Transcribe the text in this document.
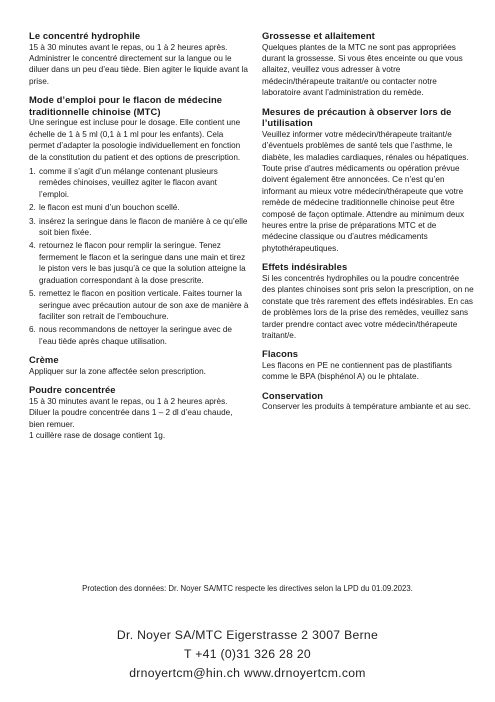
Le concentré hydrophile

15 à 30 minutes avant le repas, ou 1 à 2 heures après. Administrer le concentré directement sur la langue ou le diluer dans un peu d’eau tiède. Bien agiter le liquide avant la prise.

Mode d’emploi pour le flacon de médecine traditionnelle chinoise (MTC)

Une seringue est incluse pour le dosage. Elle contient une échelle de 1 à 5 ml (0,1 à 1 ml pour les enfants). Cela permet d’adapter la posologie individuellement en fonction de la constitution du patient et des options de prescription.

1. comme il s’agit d’un mélange contenant plusieurs remèdes chinoises, veuillez agiter le flacon avant l’emploi.
2. le flacon est muni d’un bouchon scellé.
3. insérez la seringue dans le flacon de manière à ce qu’elle soit bien fixée.
4. retournez le flacon pour remplir la seringue. Tenez fermement le flacon et la seringue dans une main et tirez le piston vers le bas jusqu’à ce que la solution atteigne la graduation correspondant à la dose prescrite.
5. remettez le flacon en position verticale. Faites tourner la seringue avec précaution autour de son axe de manière à faciliter son retrait de l’embouchure.
6. nous recommandons de nettoyer la seringue avec de l’eau tiède après chaque utilisation.
Crème

Appliquer sur la zone affectée selon prescription.

Poudre concentrée

15 à 30 minutes avant le repas, ou 1 à 2 heures après. Diluer la poudre concentrée dans 1 – 2 dl d’eau chaude, bien remuer.

1 cuillère rase de dosage contient 1g.

Grossesse et allaitement

Quelques plantes de la MTC ne sont pas appropriées durant la grossesse. Si vous êtes enceinte ou que vous allaitez, veuillez vous adresser à votre médecin/thérapeute traitant/e ou contacter notre laboratoire avant l’administration du remède.

Mesures de précaution à observer lors de l’utilisation

Veuillez informer votre médecin/thérapeute traitant/e d’éventuels problèmes de santé tels que l’asthme, le diabète, les maladies cardiaques, rénales ou hépatiques. Toute prise d’autres médicaments ou opération prévue doivent également être annoncées. Ce n’est qu’en informant au mieux votre médecin/thérapeute que votre remède de médecine traditionnelle chinoise peut être composé de façon optimale. Attendre au minimum deux heures entre la prise de préparations MTC et de médecine classique ou d’autres médicaments phytothérapeutiques.

Effets indésirables

Si les concentrés hydrophiles ou la poudre concentrée des plantes chinoises sont pris selon la prescription, on ne constate que très rarement des effets indésirables. En cas de problèmes lors de la prise des remèdes, veuillez sans tarder prendre contact avec votre médecin/thérapeute traitant/e.

Flacons

Les flacons en PE ne contiennent pas de plastifiants comme le BPA (bisphénol A) ou le phtalate.

Conservation

Conserver les produits à température ambiante et au sec.

Protection des données: Dr. Noyer SA/MTC respecte les directives selon la LPD du 01.09.2023.
Dr. Noyer SA/MTC Eigerstrasse 2 3007 Berne
T +41 (0)31 326 28 20
drnoyertcm@hin.ch www.drnoyertcm.com
